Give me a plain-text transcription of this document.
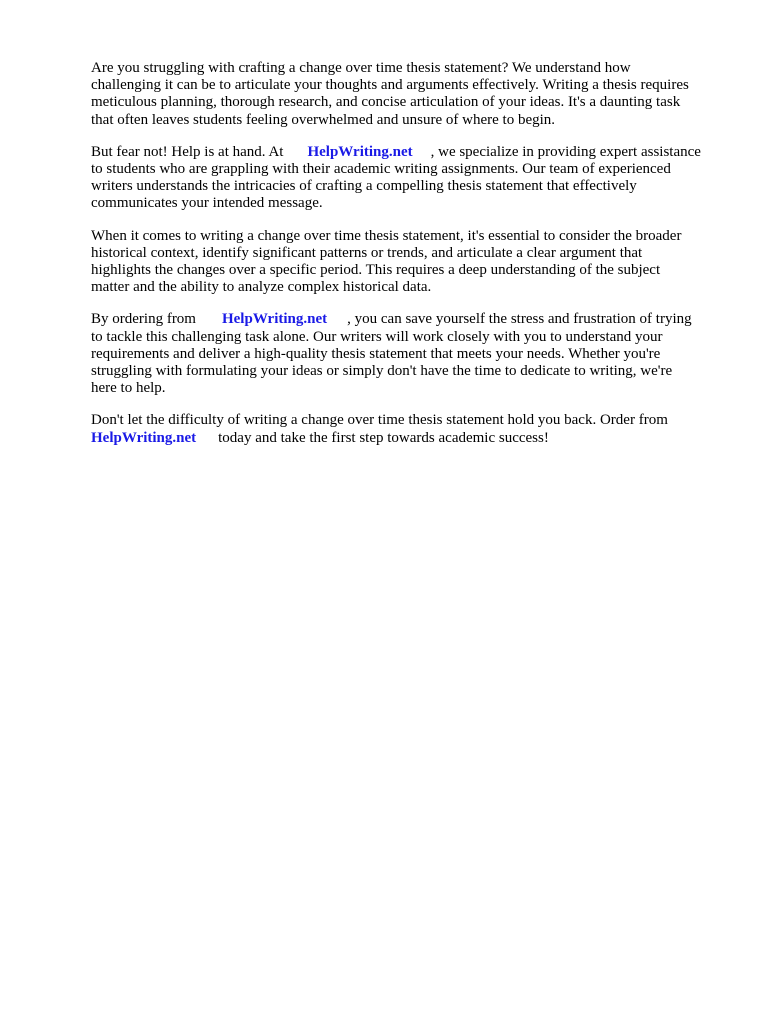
Are you struggling with crafting a change over time thesis statement? We understand how
challenging it can be to articulate your thoughts and arguments effectively. Writing a thesis requires
meticulous planning, thorough research, and concise articulation of your ideas. It's a daunting task
that often leaves students feeling overwhelmed and unsure of where to begin.

But fear not! Help is at hand. At HelpWriting.net , we specialize in providing expert assistance
to students who are grappling with their academic writing assignments. Our team of experienced
writers understands the intricacies of crafting a compelling thesis statement that effectively
communicates your intended message.

When it comes to writing a change over time thesis statement, it's essential to consider the broader
historical context, identify significant patterns or trends, and articulate a clear argument that
highlights the changes over a specific period. This requires a deep understanding of the subject
matter and the ability to analyze complex historical data.

By ordering from HelpWriting.net , you can save yourself the stress and frustration of trying
to tackle this challenging task alone. Our writers will work closely with you to understand your
requirements and deliver a high-quality thesis statement that meets your needs. Whether you're
struggling with formulating your ideas or simply don't have the time to dedicate to writing, we're
here to help.

Don't let the difficulty of writing a change over time thesis statement hold you back. Order from
HelpWriting.net today and take the first step towards academic success!
